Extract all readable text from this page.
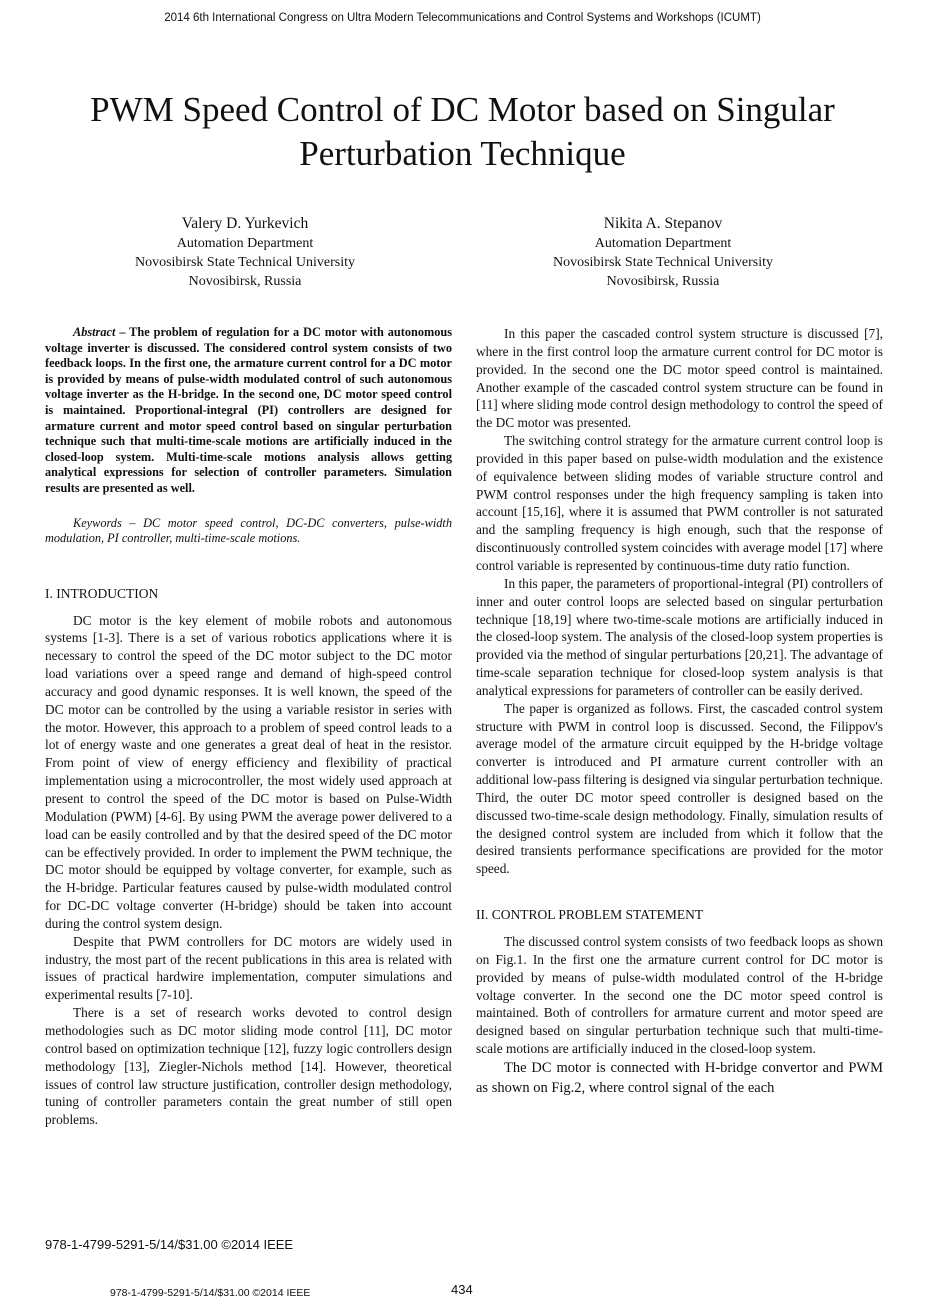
2014 6th International Congress on Ultra Modern Telecommunications and Control Systems and Workshops (ICUMT)
PWM Speed Control of DC Motor based on Singular Perturbation Technique
Valery D. Yurkevich
Automation Department
Novosibirsk State Technical University
Novosibirsk, Russia
Nikita A. Stepanov
Automation Department
Novosibirsk State Technical University
Novosibirsk, Russia

Abstract – The problem of regulation for a DC motor with autonomous voltage inverter is discussed. The considered control system consists of two feedback loops. In the first one, the armature current control for a DC motor is provided by means of pulse-width modulated control of such autonomous voltage inverter as the H-bridge. In the second one, DC motor speed control is maintained. Proportional-integral (PI) controllers are designed for armature current and motor speed control based on singular perturbation technique such that multi-time-scale motions are artificially induced in the closed-loop system. Multi-time-scale motions analysis allows getting analytical expressions for selection of controller parameters. Simulation results are presented as well.

Keywords – DC motor speed control, DC-DC converters, pulse-width modulation, PI controller, multi-time-scale motions.

I. INTRODUCTION

DC motor is the key element of mobile robots and autonomous systems [1-3]. There is a set of various robotics applications where it is necessary to control the speed of the DC motor subject to the DC motor load variations over a speed range and demand of high-speed control accuracy and good dynamic responses. It is well known, the speed of the DC motor can be controlled by the using a variable resistor in series with the motor. However, this approach to a problem of speed control leads to a lot of energy waste and one generates a great deal of heat in the resistor. From point of view of energy efficiency and flexibility of practical implementation using a microcontroller, the most widely used approach at present to control the speed of the DC motor is based on Pulse-Width Modulation (PWM) [4-6]. By using PWM the average power delivered to a load can be easily controlled and by that the desired speed of the DC motor can be effectively provided. In order to implement the PWM technique, the DC motor should be equipped by voltage converter, for example, such as the H-bridge. Particular features caused by pulse-width modulated control for DC-DC voltage converter (H-bridge) should be taken into account during the control system design.

Despite that PWM controllers for DC motors are widely used in industry, the most part of the recent publications in this area is related with issues of practical hardwire implementation, computer simulations and experimental results [7-10].

There is a set of research works devoted to control design methodologies such as DC motor sliding mode control [11], DC motor control based on optimization technique [12], fuzzy logic controllers design methodology [13], Ziegler-Nichols method [14]. However, theoretical issues of control law structure justification, controller design methodology, tuning of controller parameters contain the great number of still open problems.

In this paper the cascaded control system structure is discussed [7], where in the first control loop the armature current control for DC motor is provided. In the second one the DC motor speed control is maintained. Another example of the cascaded control system structure can be found in [11] where sliding mode control design methodology to control the speed of the DC motor was presented.

The switching control strategy for the armature current control loop is provided in this paper based on pulse-width modulation and the existence of equivalence between sliding modes of variable structure control and PWM control responses under the high frequency sampling is taken into account [15,16], where it is assumed that PWM controller is not saturated and the sampling frequency is high enough, such that the response of discontinuously controlled system coincides with average model [17] where control variable is represented by continuous-time duty ratio function.

In this paper, the parameters of proportional-integral (PI) controllers of inner and outer control loops are selected based on singular perturbation technique [18,19] where two-time-scale motions are artificially induced in the closed-loop system. The analysis of the closed-loop system properties is provided via the method of singular perturbations [20,21]. The advantage of time-scale separation technique for closed-loop system analysis is that analytical expressions for parameters of controller can be easily derived.

The paper is organized as follows. First, the cascaded control system structure with PWM in control loop is discussed. Second, the Filippov's average model of the armature circuit equipped by the H-bridge voltage converter is introduced and PI armature current controller with an additional low-pass filtering is designed via singular perturbation technique. Third, the outer DC motor speed controller is designed based on the discussed two-time-scale design methodology. Finally, simulation results of the designed control system are included from which it follow that the desired transients performance specifications are provided for the motor speed.

II. CONTROL PROBLEM STATEMENT

The discussed control system consists of two feedback loops as shown on Fig.1. In the first one the armature current control for DC motor is provided by means of pulse-width modulated control of the H-bridge voltage converter. In the second one the DC motor speed control is maintained. Both of controllers for armature current and motor speed are designed based on singular perturbation technique such that multi-time-scale motions are artificially induced in the closed-loop system.

The DC motor is connected with H-bridge convertor and PWM as shown on Fig.2, where control signal of the each

978-1-4799-5291-5/14/$31.00 ©2014 IEEE
978-1-4799-5291-5/14/$31.00 ©2014 IEEE	434
